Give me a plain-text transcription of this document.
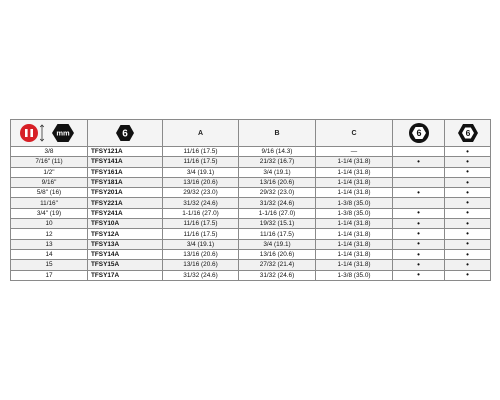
mm	6	A	B	C	6	6

3/8	TFSY121A	11/16 (17.5)	9/16 (14.3)	—		•
7/16" (11)	TFSY141A	11/16 (17.5)	21/32 (16.7)	1-1/4 (31.8)	•	•
1/2"	TFSY161A	3/4 (19.1)	3/4 (19.1)	1-1/4 (31.8)		•
9/16"	TFSY181A	13/16 (20.6)	13/16 (20.6)	1-1/4 (31.8)		•
5/8" (16)	TFSY201A	29/32 (23.0)	29/32 (23.0)	1-1/4 (31.8)	•	•
11/16"	TFSY221A	31/32 (24.6)	31/32 (24.6)	1-3/8 (35.0)		•
3/4" (19)	TFSY241A	1-1/16 (27.0)	1-1/16 (27.0)	1-3/8 (35.0)	•	•
10	TFSY10A	11/16 (17.5)	19/32 (15.1)	1-1/4 (31.8)	•	•
12	TFSY12A	11/16 (17.5)	11/16 (17.5)	1-1/4 (31.8)	•	•
13	TFSY13A	3/4 (19.1)	3/4 (19.1)	1-1/4 (31.8)	•	•
14	TFSY14A	13/16 (20.6)	13/16 (20.6)	1-1/4 (31.8)	•	•
15	TFSY15A	13/16 (20.6)	27/32 (21.4)	1-1/4 (31.8)	•	•
17	TFSY17A	31/32 (24.6)	31/32 (24.6)	1-3/8 (35.0)	•	•
